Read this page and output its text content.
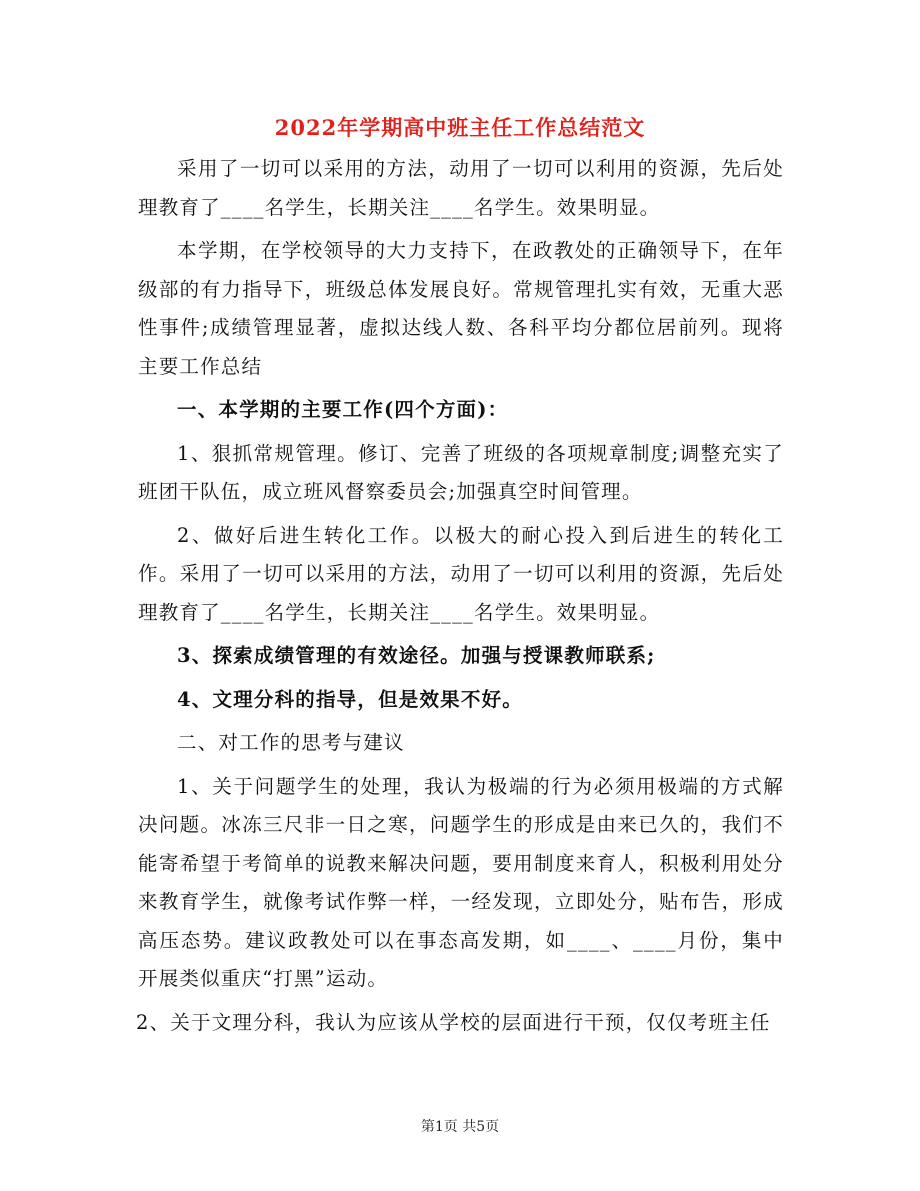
2022年学期高中班主任工作总结范文

采用了一切可以采用的方法，动用了一切可以利用的资源，先后处理教育了____名学生，长期关注____名学生。效果明显。

本学期，在学校领导的大力支持下，在政教处的正确领导下，在年级部的有力指导下，班级总体发展良好。常规管理扎实有效，无重大恶性事件;成绩管理显著，虚拟达线人数、各科平均分都位居前列。现将主要工作总结

一、本学期的主要工作(四个方面)：

1、狠抓常规管理。修订、完善了班级的各项规章制度;调整充实了班团干队伍，成立班风督察委员会;加强真空时间管理。

2、做好后进生转化工作。以极大的耐心投入到后进生的转化工作。采用了一切可以采用的方法，动用了一切可以利用的资源，先后处理教育了____名学生，长期关注____名学生。效果明显。

3、探索成绩管理的有效途径。加强与授课教师联系;

4、文理分科的指导，但是效果不好。

二、对工作的思考与建议

1、关于问题学生的处理，我认为极端的行为必须用极端的方式解决问题。冰冻三尺非一日之寒，问题学生的形成是由来已久的，我们不能寄希望于考简单的说教来解决问题，要用制度来育人，积极利用处分来教育学生，就像考试作弊一样，一经发现，立即处分，贴布告，形成高压态势。建议政教处可以在事态高发期，如____、____月份，集中开展类似重庆“打黑”运动。

2、关于文理分科，我认为应该从学校的层面进行干预，仅仅考班主任

第1页 共5页
